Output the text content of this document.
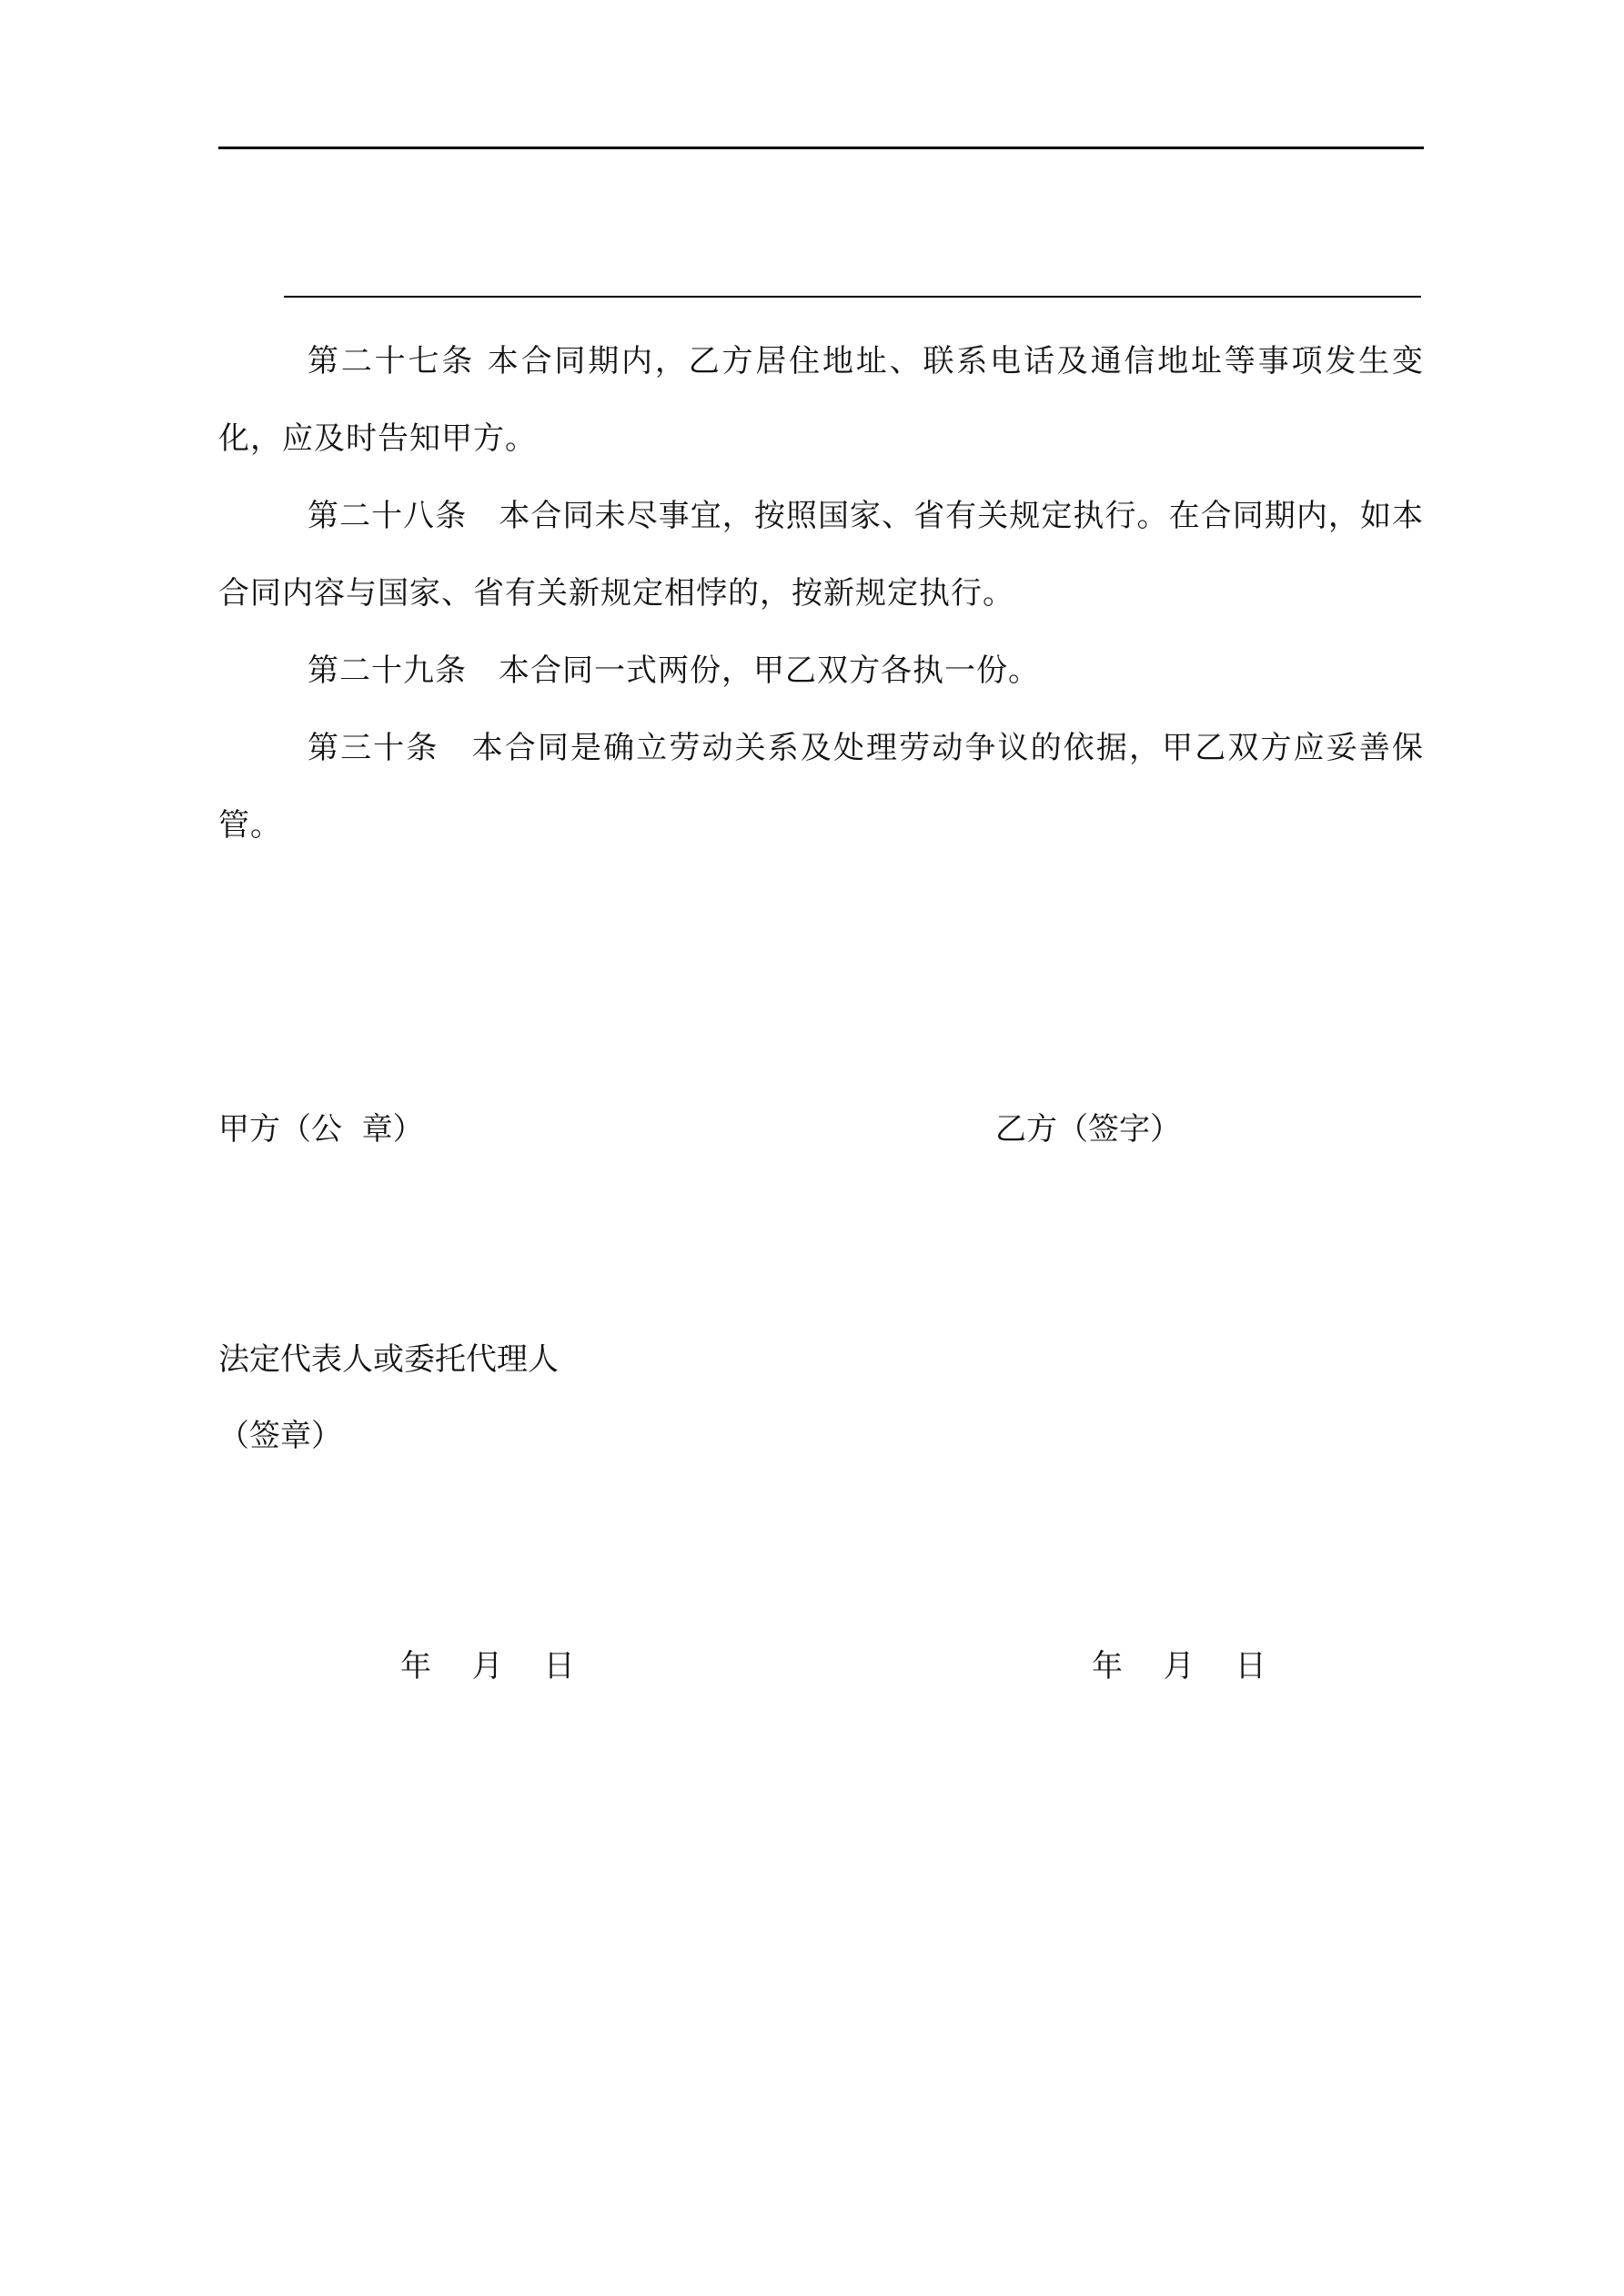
第二十七条 本合同期内，乙方居住地址、联系电话及通信地址等事项发生变化，应及时告知甲方。

第二十八条　本合同未尽事宜，按照国家、省有关规定执行。在合同期内，如本合同内容与国家、省有关新规定相悖的，按新规定执行。

第二十九条　本合同一式两份，甲乙双方各执一份。

第三十条　本合同是确立劳动关系及处理劳动争议的依据，甲乙双方应妥善保管。

甲方（公  章）	乙方（签字）
法定代表人或委托代理人
（签章）
年　 月　 日	年　 月　 日
